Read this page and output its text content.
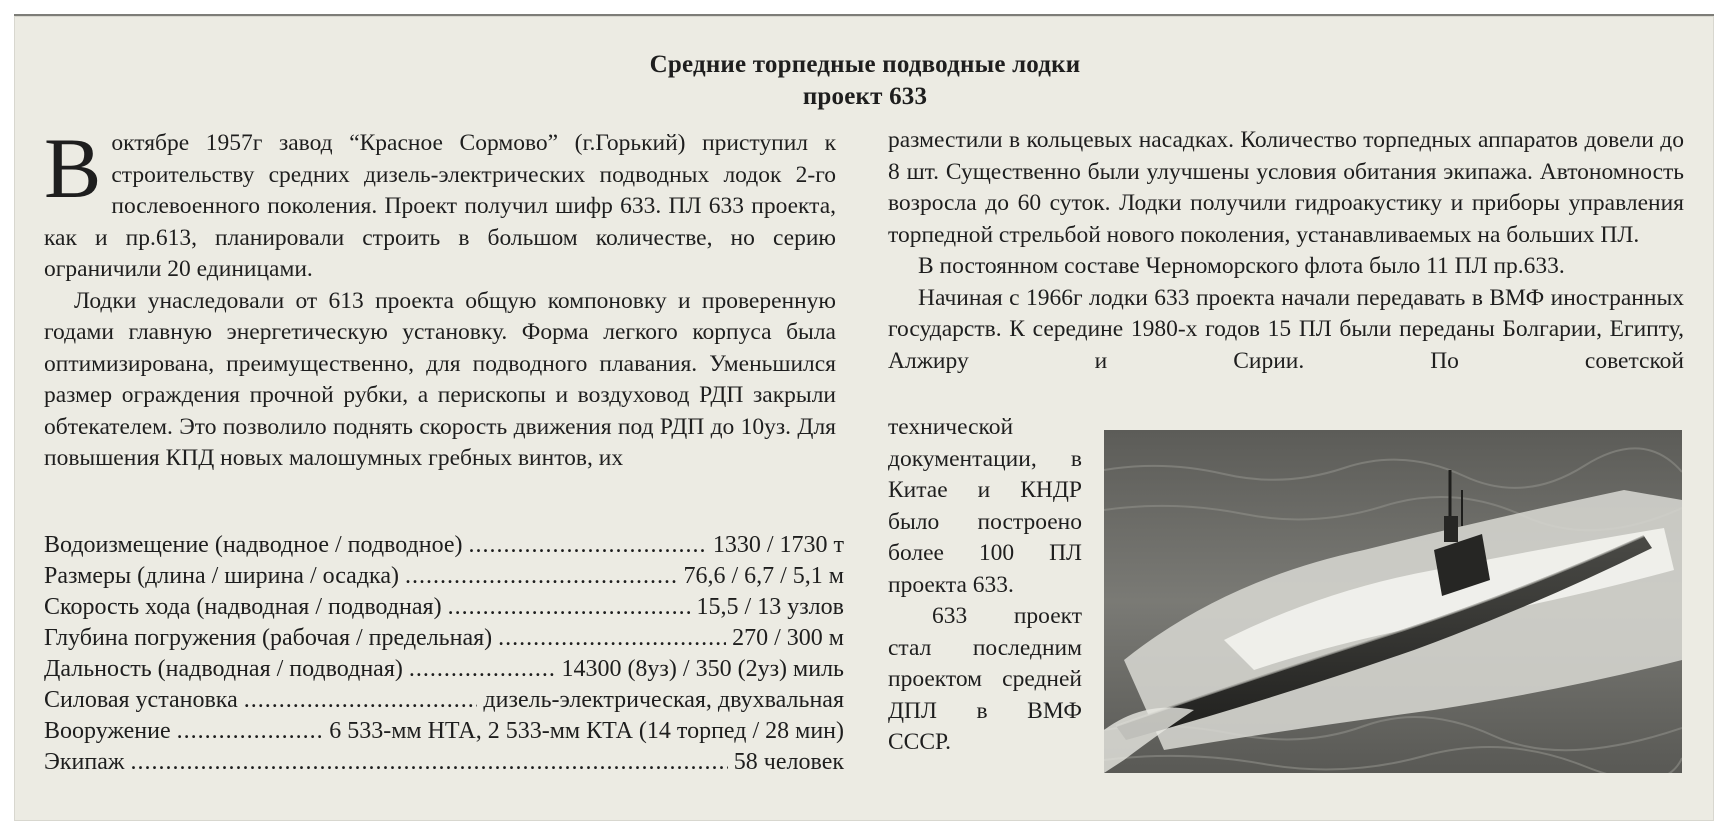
Средние торпедные подводные лодки
проект 633

В октябре 1957г завод “Красное Сормово” (г.Горький) приступил к строительству средних дизель-электрических подводных лодок 2-го послевоенного поколения. Проект получил шифр 633. ПЛ 633 проекта, как и пр.613, планировали строить в большом количестве, но серию ограничили 20 единицами.

Лодки унаследовали от 613 проекта общую компоновку и проверенную годами главную энергетическую установку. Форма легкого корпуса была оптимизирована, преимущественно, для подводного плавания. Уменьшился размер ограждения прочной рубки, а перископы и воздуховод РДП закрыли обтекателем. Это позволило поднять скорость движения под РДП до 10уз. Для повышения КПД новых малошумных гребных винтов, их

Водоизмещение (надводное / подводное) .....	1330 / 1730 т
Размеры (длина / ширина / осадка) .....	76,6 / 6,7 / 5,1 м
Скорость хода (надводная / подводная) .....	15,5 / 13 узлов
Глубина погружения (рабочая / предельная) .....	270 / 300 м
Дальность (надводная / подводная) .....	14300 (8уз) / 350 (2уз) миль
Силовая установка .....	дизель-электрическая, двухвальная
Вооружение .....	6 533-мм НТА, 2 533-мм КТА (14 торпед / 28 мин)
Экипаж .....	58 человек

разместили в кольцевых насадках. Количество торпедных аппаратов довели до 8 шт. Существенно были улучшены условия обитания экипажа. Автономность возросла до 60 суток. Лодки получили гидроакустику и приборы управления торпедной стрельбой нового поколения, устанавливаемых на больших ПЛ.

В постоянном составе Черноморского флота было 11 ПЛ пр.633.

Начиная с 1966г лодки 633 проекта начали передавать в ВМФ иностранных государств. К середине 1980-х годов 15 ПЛ были переданы Болгарии, Египту, Алжиру и Сирии. По советской

технической документации, в Китае и КНДР было построено более 100 ПЛ проекта 633.

633 проект стал последним проектом средней ДПЛ в ВМФ СССР.
